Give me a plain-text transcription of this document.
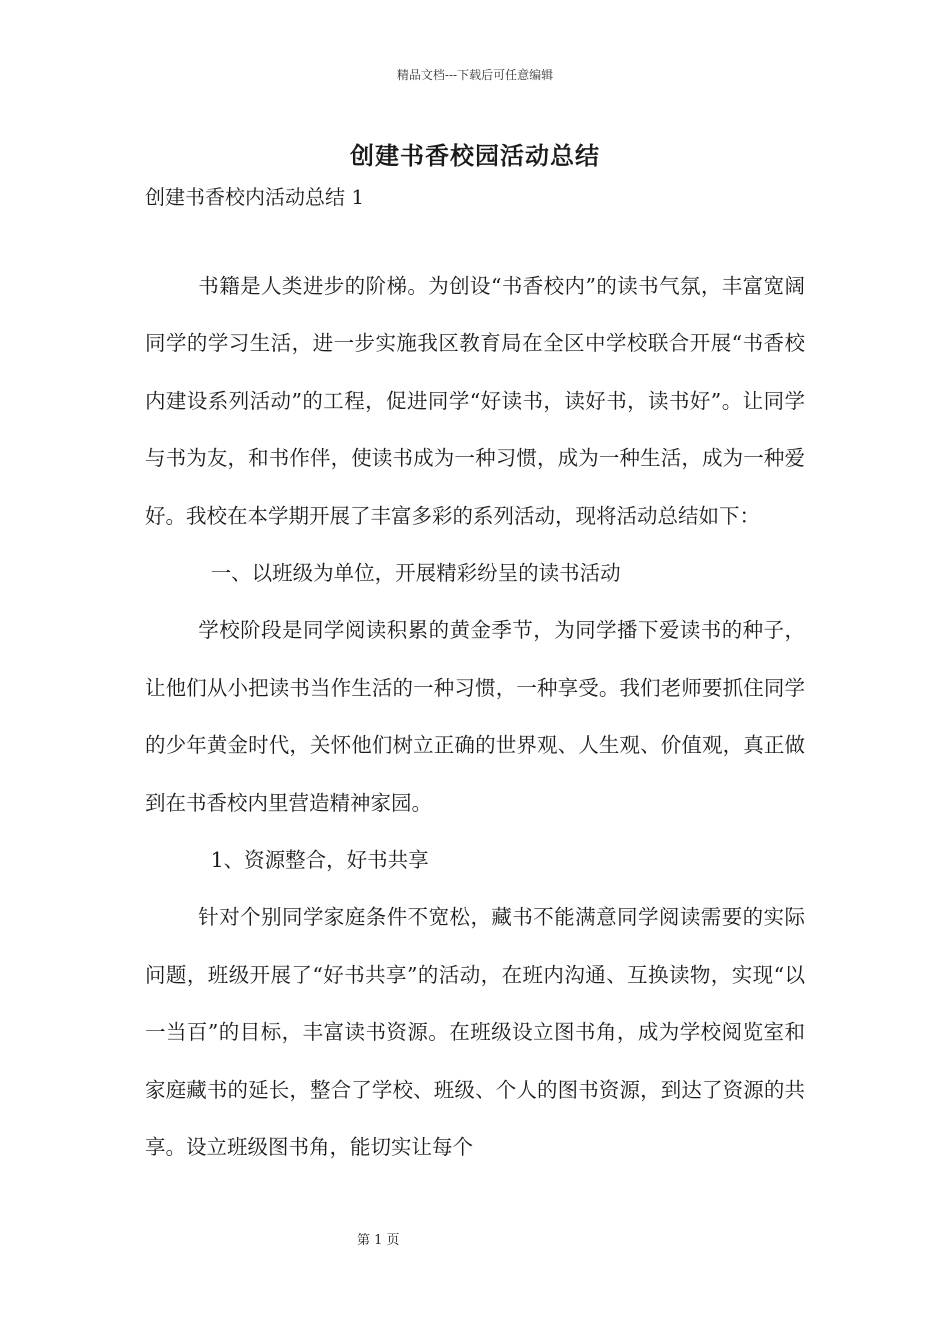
精品文档---下载后可任意编辑
创建书香校园活动总结
创建书香校内活动总结 1

书籍是人类进步的阶梯。为创设“书香校内”的读书气氛，丰富宽阔同学的学习生活，进一步实施我区教育局在全区中学校联合开展“书香校内建设系列活动”的工程，促进同学“好读书，读好书，读书好”。让同学与书为友，和书作伴，使读书成为一种习惯，成为一种生活，成为一种爱好。我校在本学期开展了丰富多彩的系列活动，现将活动总结如下：

一、以班级为单位，开展精彩纷呈的读书活动

学校阶段是同学阅读积累的黄金季节，为同学播下爱读书的种子，让他们从小把读书当作生活的一种习惯，一种享受。我们老师要抓住同学的少年黄金时代，关怀他们树立正确的世界观、人生观、价值观，真正做到在书香校内里营造精神家园。

1、资源整合，好书共享

针对个别同学家庭条件不宽松，藏书不能满意同学阅读需要的实际问题，班级开展了“好书共享”的活动，在班内沟通、互换读物，实现“以一当百”的目标，丰富读书资源。在班级设立图书角，成为学校阅览室和家庭藏书的延长，整合了学校、班级、个人的图书资源，到达了资源的共享。设立班级图书角，能切实让每个

第 1 页
